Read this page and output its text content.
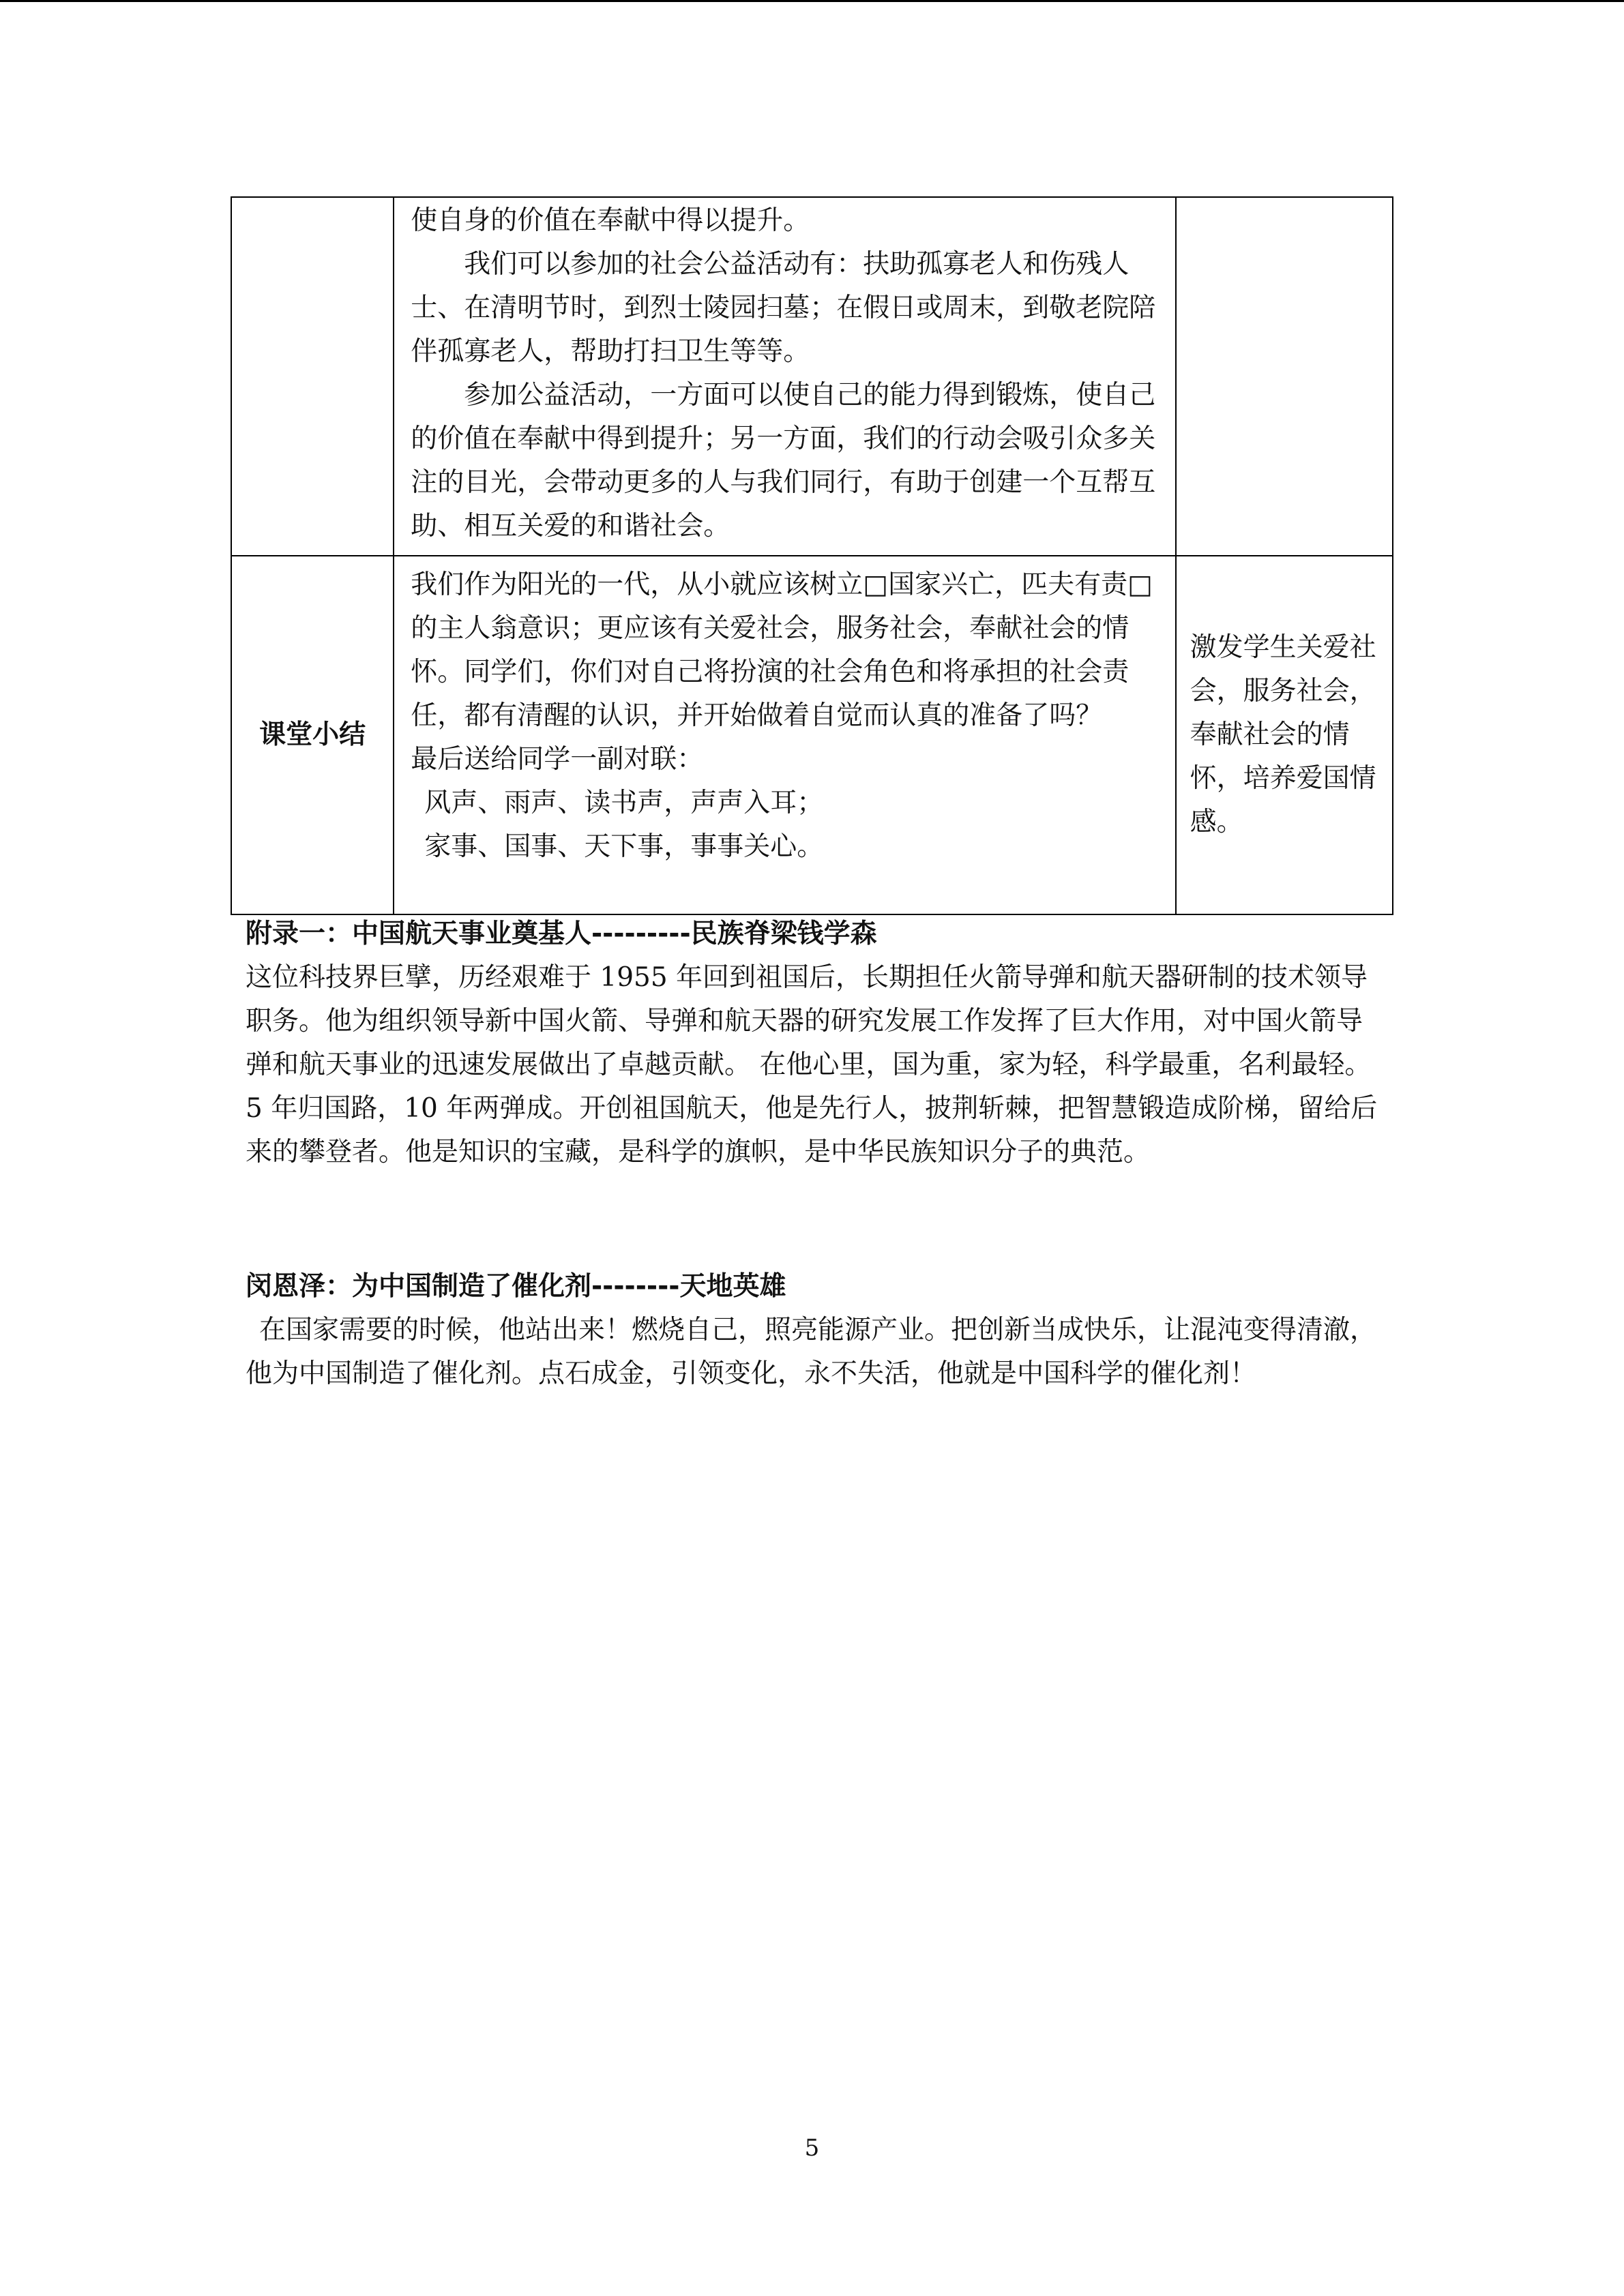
	使自身的价值在奉献中得以提升。
我们可以参加的社会公益活动有：扶助孤寡老人和伤残人士、在清明节时，到烈士陵园扫墓；在假日或周末，到敬老院陪伴孤寡老人，帮助打扫卫生等等。
参加公益活动，一方面可以使自己的能力得到锻炼，使自己的价值在奉献中得到提升；另一方面，我们的行动会吸引众多关注的目光，会带动更多的人与我们同行，有助于创建一个互帮互助、相互关爱的和谐社会。	

课堂小结	我们作为阳光的一代，从小就应该树立□国家兴亡，匹夫有责□的主人翁意识；更应该有关爱社会，服务社会，奉献社会的情怀。同学们，你们对自己将扮演的社会角色和将承担的社会责任，都有清醒的认识，并开始做着自觉而认真的准备了吗？
最后送给同学一副对联：
风声、雨声、读书声，声声入耳；
家事、国事、天下事，事事关心。	激发学生关爱社会，服务社会，奉献社会的情怀，培养爱国情感。
附录一：中国航天事业奠基人---------民族脊梁钱学森
这位科技界巨擘，历经艰难于 1955 年回到祖国后，长期担任火箭导弹和航天器研制的技术领导职务。他为组织领导新中国火箭、导弹和航天器的研究发展工作发挥了巨大作用，对中国火箭导弹和航天事业的迅速发展做出了卓越贡献。 在他心里，国为重，家为轻，科学最重，名利最轻。5 年归国路，10 年两弹成。开创祖国航天，他是先行人，披荆斩棘，把智慧锻造成阶梯，留给后来的攀登者。他是知识的宝藏，是科学的旗帜，是中华民族知识分子的典范。
闵恩泽：为中国制造了催化剂--------天地英雄
在国家需要的时候，他站出来！燃烧自己，照亮能源产业。把创新当成快乐，让混沌变得清澈，他为中国制造了催化剂。点石成金，引领变化，永不失活，他就是中国科学的催化剂！
5
